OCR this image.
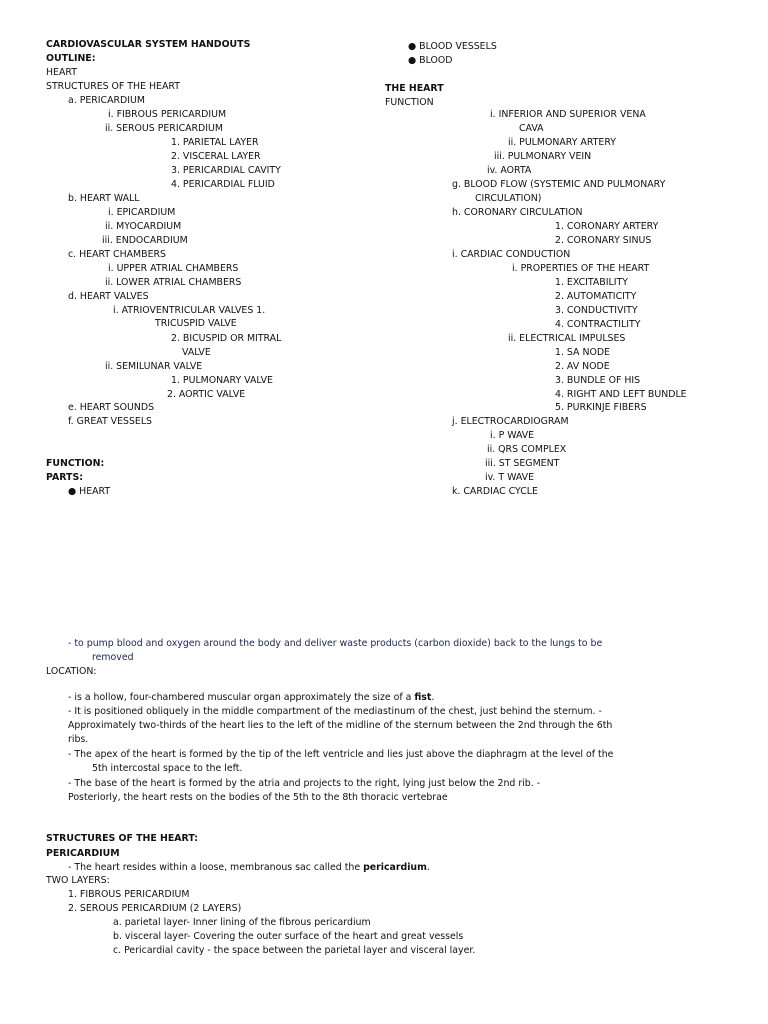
CARDIOVASCULAR SYSTEM HANDOUTS
OUTLINE:
HEART
STRUCTURES OF THE HEART
a. PERICARDIUM
i. FIBROUS PERICARDIUM
ii. SEROUS PERICARDIUM
1. PARIETAL LAYER
2. VISCERAL LAYER
3. PERICARDIAL CAVITY
4. PERICARDIAL FLUID
b. HEART WALL
i. EPICARDIUM
ii. MYOCARDIUM
iii. ENDOCARDIUM
c. HEART CHAMBERS
i. UPPER ATRIAL CHAMBERS
ii. LOWER ATRIAL CHAMBERS
d. HEART VALVES
i. ATRIOVENTRICULAR VALVES 1.
TRICUSPID VALVE
2. BICUSPID OR MITRAL
VALVE
ii. SEMILUNAR VALVE
1. PULMONARY VALVE
2. AORTIC VALVE
e. HEART SOUNDS
f. GREAT VESSELS
FUNCTION:
PARTS:
● HEART
● BLOOD VESSELS
● BLOOD
THE HEART
FUNCTION
i. INFERIOR AND SUPERIOR VENA
CAVA
ii. PULMONARY ARTERY
iii. PULMONARY VEIN
iv. AORTA
g. BLOOD FLOW (SYSTEMIC AND PULMONARY
CIRCULATION)
h. CORONARY CIRCULATION
1. CORONARY ARTERY
2. CORONARY SINUS
i. CARDIAC CONDUCTION
i. PROPERTIES OF THE HEART
1. EXCITABILITY
2. AUTOMATICITY
3. CONDUCTIVITY
4. CONTRACTILITY
ii. ELECTRICAL IMPULSES
1. SA NODE
2. AV NODE
3. BUNDLE OF HIS
4. RIGHT AND LEFT BUNDLE
5. PURKINJE FIBERS
j. ELECTROCARDIOGRAM
i. P WAVE
ii. QRS COMPLEX
iii. ST SEGMENT
iv. T WAVE
k. CARDIAC CYCLE
- to pump blood and oxygen around the body and deliver waste products (carbon dioxide) back to the lungs to be
removed
LOCATION:
- is a hollow, four-chambered muscular organ approximately the size of a fist.
- It is positioned obliquely in the middle compartment of the mediastinum of the chest, just behind the sternum. -
Approximately two-thirds of the heart lies to the left of the midline of the sternum between the 2nd through the 6th
ribs.
- The apex of the heart is formed by the tip of the left ventricle and lies just above the diaphragm at the level of the
5th intercostal space to the left.
- The base of the heart is formed by the atria and projects to the right, lying just below the 2nd rib. -
Posteriorly, the heart rests on the bodies of the 5th to the 8th thoracic vertebrae
STRUCTURES OF THE HEART:
PERICARDIUM
- The heart resides within a loose, membranous sac called the pericardium.
TWO LAYERS:
1. FIBROUS PERICARDIUM
2. SEROUS PERICARDIUM (2 LAYERS)
a. parietal layer- Inner lining of the fibrous pericardium
b. visceral layer- Covering the outer surface of the heart and great vessels
c. Pericardial cavity - the space between the parietal layer and visceral layer.
